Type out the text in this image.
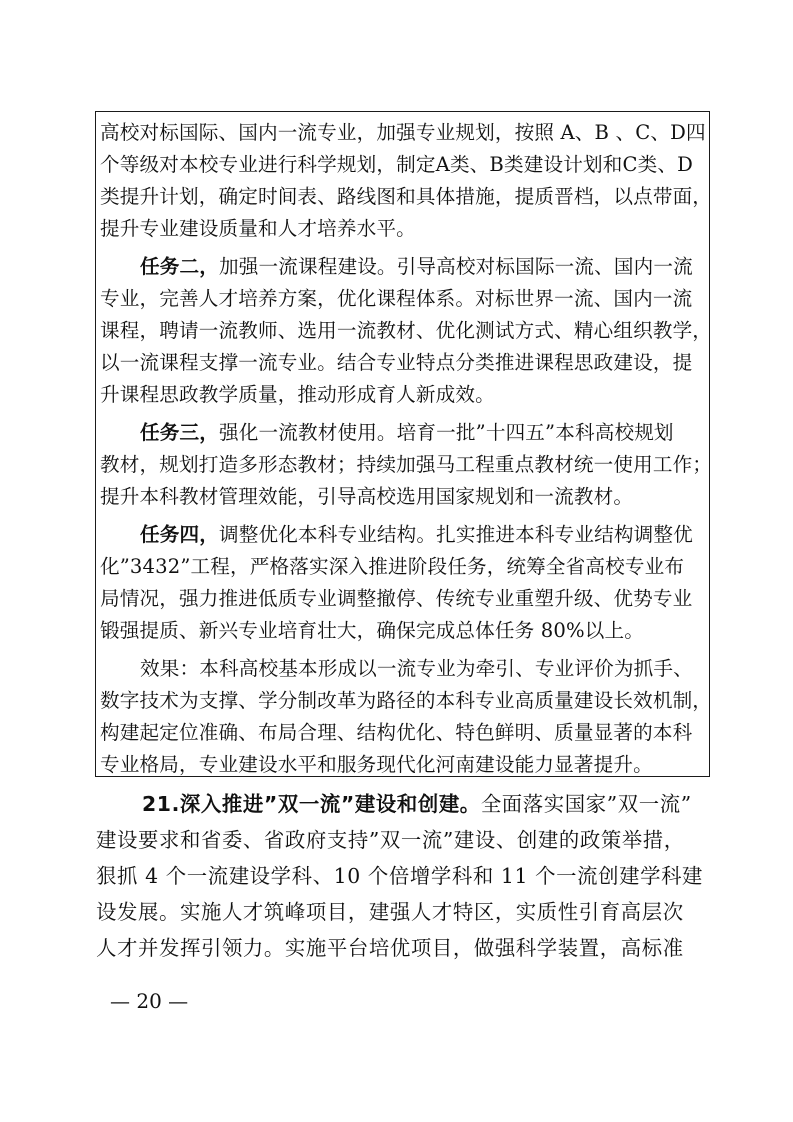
高校对标国际、国内一流专业，加强专业规划，按照 A、B 、C、D四
个等级对本校专业进行科学规划，制定A类、B类建设计划和C类、D
类提升计划，确定时间表、路线图和具体措施，提质晋档，以点带面，
提升专业建设质量和人才培养水平。
任务二，加强一流课程建设。引导高校对标国际一流、国内一流
专业，完善人才培养方案，优化课程体系。对标世界一流、国内一流
课程，聘请一流教师、选用一流教材、优化测试方式、精心组织教学，
以一流课程支撑一流专业。结合专业特点分类推进课程思政建设，提
升课程思政教学质量，推动形成育人新成效。
任务三，强化一流教材使用。培育一批”十四五”本科高校规划
教材，规划打造多形态教材；持续加强马工程重点教材统一使用工作；
提升本科教材管理效能，引导高校选用国家规划和一流教材。
任务四，调整优化本科专业结构。扎实推进本科专业结构调整优
化”3432”工程，严格落实深入推进阶段任务，统筹全省高校专业布
局情况，强力推进低质专业调整撤停、传统专业重塑升级、优势专业
锻强提质、新兴专业培育壮大，确保完成总体任务 80%以上。
效果：本科高校基本形成以一流专业为牵引、专业评价为抓手、
数字技术为支撑、学分制改革为路径的本科专业高质量建设长效机制，
构建起定位准确、布局合理、结构优化、特色鲜明、质量显著的本科
专业格局，专业建设水平和服务现代化河南建设能力显著提升。
21.深入推进”双一流”建设和创建。全面落实国家”双一流”
建设要求和省委、省政府支持”双一流”建设、创建的政策举措，
狠抓 4 个一流建设学科、10 个倍增学科和 11 个一流创建学科建
设发展。实施人才筑峰项目，建强人才特区，实质性引育高层次
人才并发挥引领力。实施平台培优项目，做强科学装置，高标准
— 20 —
